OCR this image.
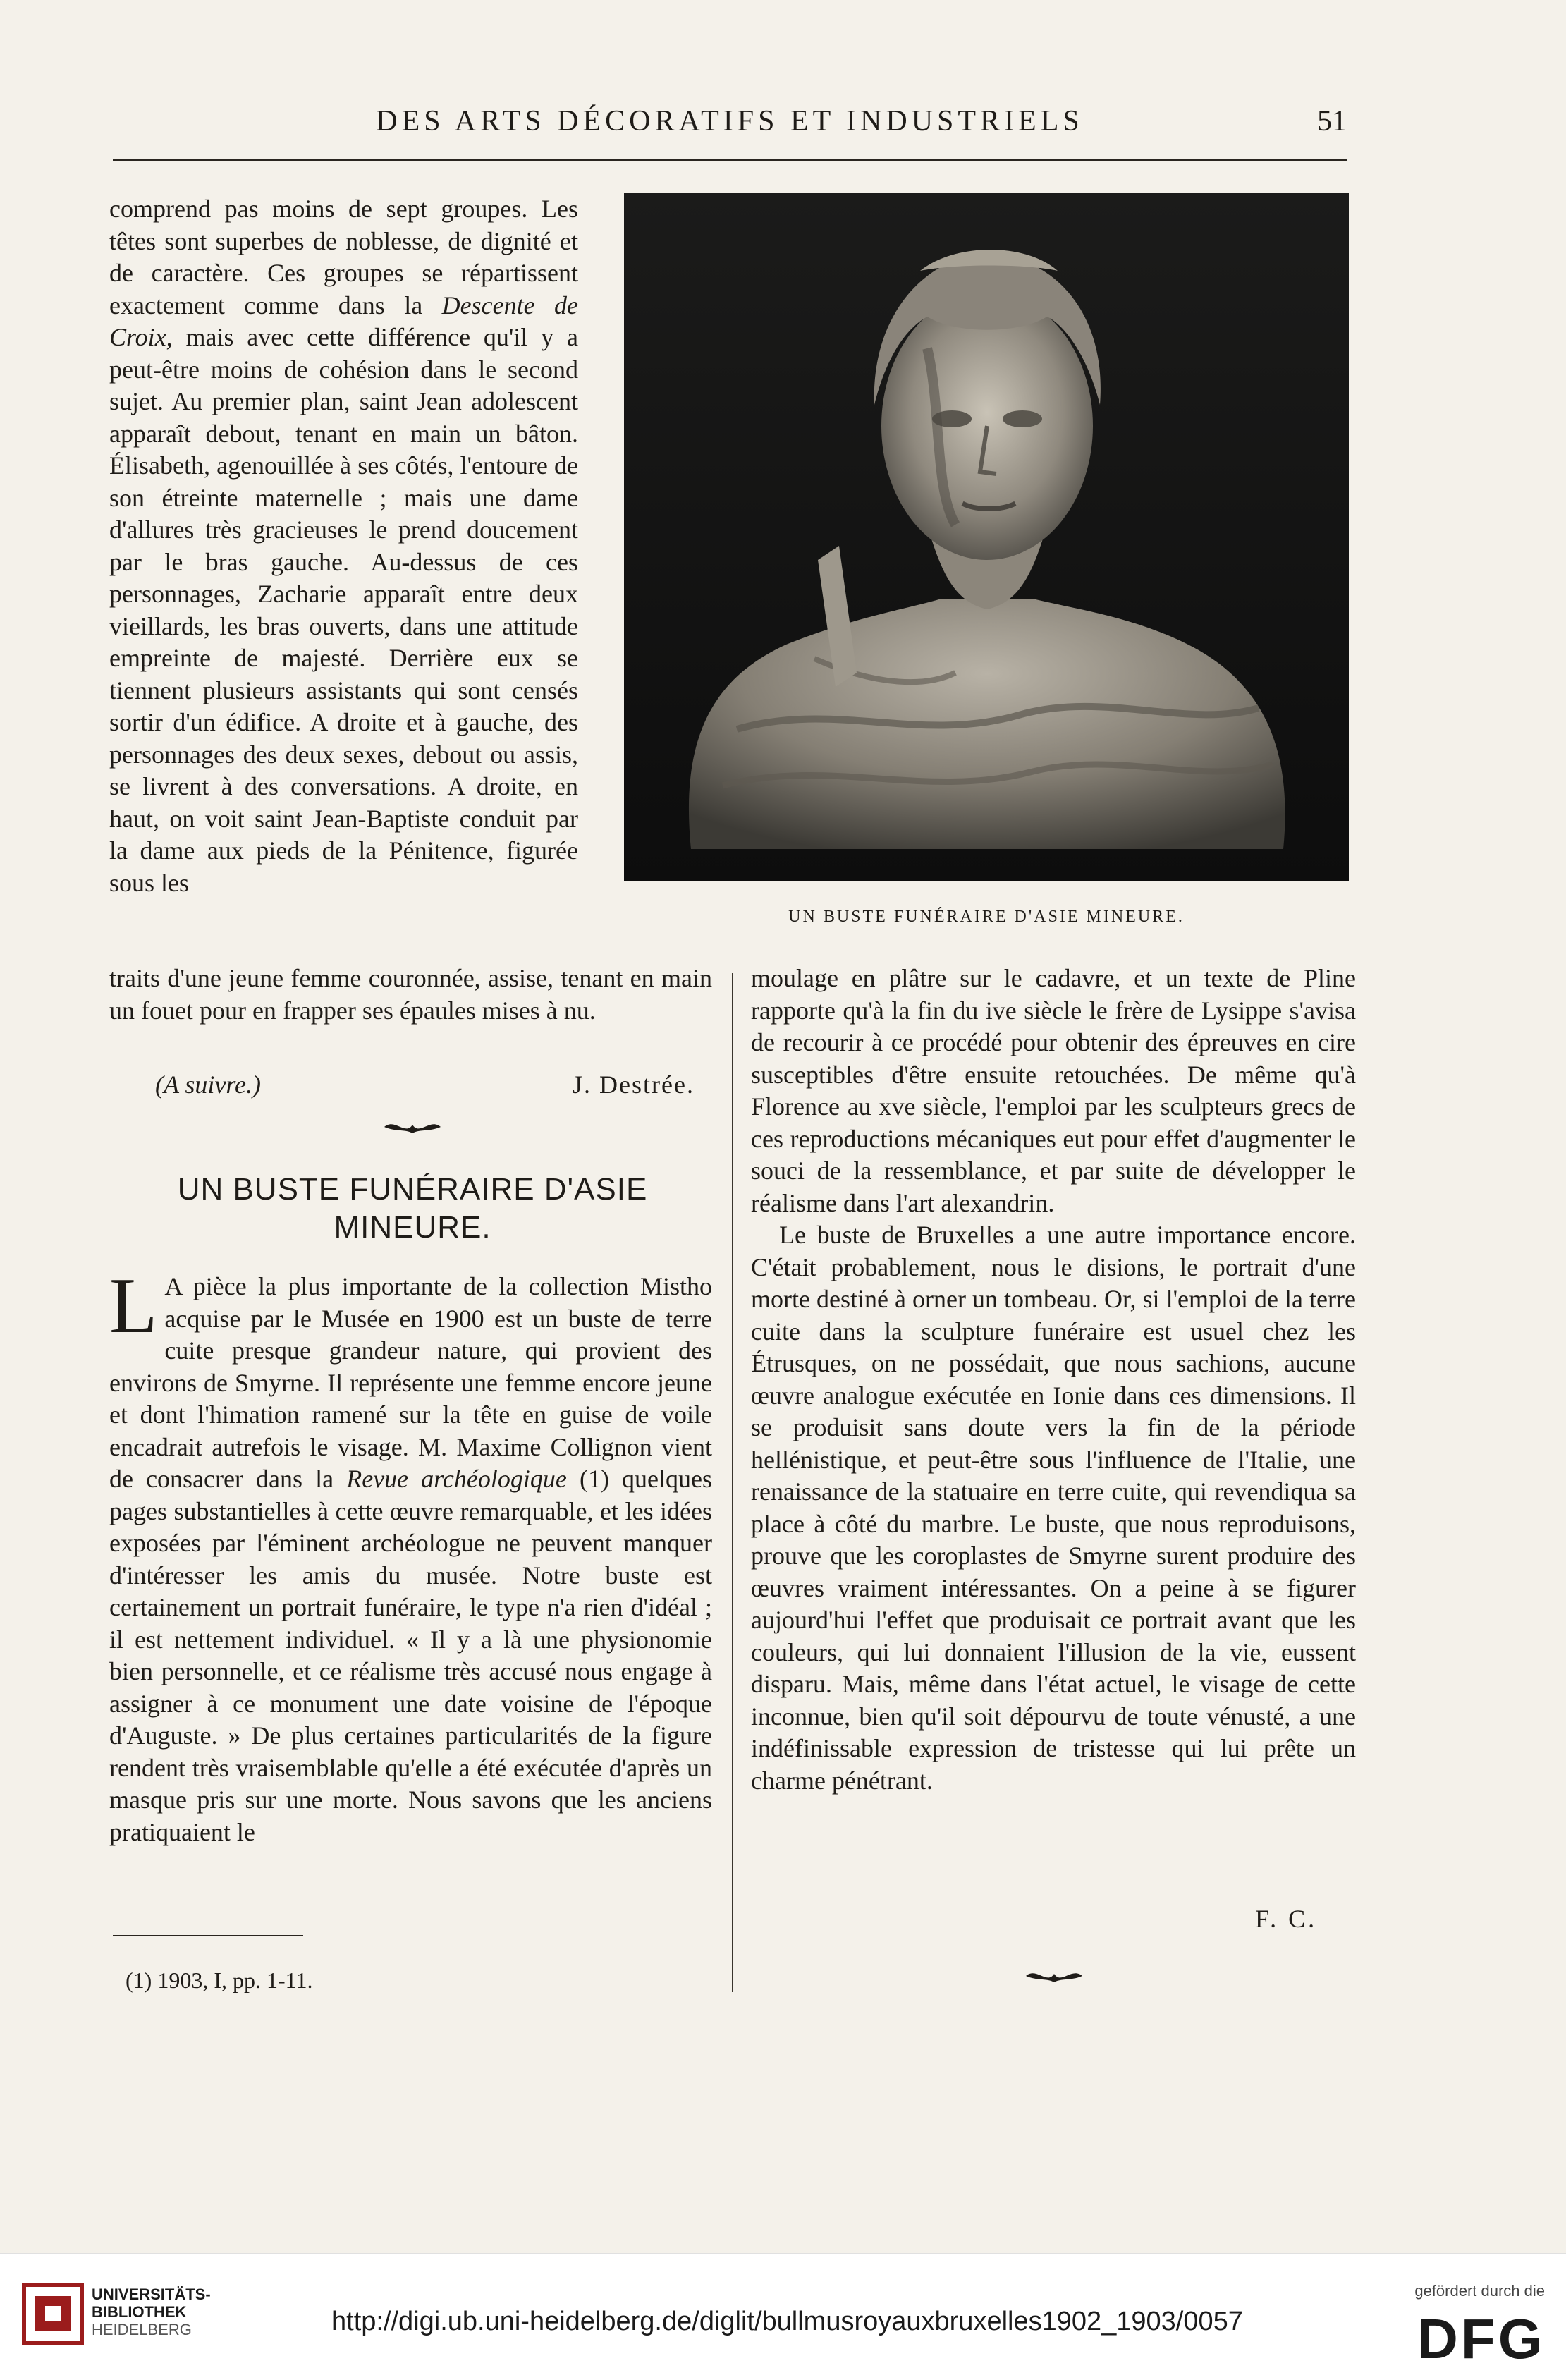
DES ARTS DÉCORATIFS ET INDUSTRIELS	51

comprend pas moins de sept groupes. Les têtes sont superbes de noblesse, de dignité et de caractère. Ces groupes se répartissent exactement comme dans la Descente de Croix, mais avec cette différence qu'il y a peut-être moins de cohésion dans le second sujet. Au premier plan, saint Jean adolescent apparaît debout, tenant en main un bâton. Élisabeth, agenouillée à ses côtés, l'entoure de son étreinte maternelle ; mais une dame d'allures très gracieuses le prend doucement par le bras gauche. Au-dessus de ces personnages, Zacharie apparaît entre deux vieillards, les bras ouverts, dans une attitude empreinte de majesté. Derrière eux se tiennent plusieurs assistants qui sont censés sortir d'un édifice. A droite et à gauche, des personnages des deux sexes, debout ou assis, se livrent à des conversations. A droite, en haut, on voit saint Jean-Baptiste conduit par la dame aux pieds de la Pénitence, figurée sous les

UN BUSTE FUNÉRAIRE D'ASIE MINEURE.

traits d'une jeune femme couronnée, assise, tenant en main un fouet pour en frapper ses épaules mises à nu.

(A suivre.)	J. Destrée.
UN BUSTE FUNÉRAIRE D'ASIE MINEURE.

L A pièce la plus importante de la collection Mistho acquise par le Musée en 1900 est un buste de terre cuite presque grandeur nature, qui provient des environs de Smyrne. Il représente une femme encore jeune et dont l'himation ramené sur la tête en guise de voile encadrait autrefois le visage. M. Maxime Collignon vient de consacrer dans la Revue archéologique (1) quelques pages substantielles à cette œuvre remarquable, et les idées exposées par l'éminent archéologue ne peuvent manquer d'intéresser les amis du musée. Notre buste est certainement un portrait funéraire, le type n'a rien d'idéal ; il est nettement individuel. « Il y a là une physionomie bien personnelle, et ce réalisme très accusé nous engage à assigner à ce monument une date voisine de l'époque d'Auguste. » De plus certaines particularités de la figure rendent très vraisemblable qu'elle a été exécutée d'après un masque pris sur une morte. Nous savons que les anciens pratiquaient le

moulage en plâtre sur le cadavre, et un texte de Pline rapporte qu'à la fin du ive siècle le frère de Lysippe s'avisa de recourir à ce procédé pour obtenir des épreuves en cire susceptibles d'être ensuite retouchées. De même qu'à Florence au xve siècle, l'emploi par les sculpteurs grecs de ces reproductions mécaniques eut pour effet d'augmenter le souci de la ressemblance, et par suite de développer le réalisme dans l'art alexandrin.

Le buste de Bruxelles a une autre importance encore. C'était probablement, nous le disions, le portrait d'une morte destiné à orner un tombeau. Or, si l'emploi de la terre cuite dans la sculpture funéraire est usuel chez les Étrusques, on ne possédait, que nous sachions, aucune œuvre analogue exécutée en Ionie dans ces dimensions. Il se produisit sans doute vers la fin de la période hellénistique, et peut-être sous l'influence de l'Italie, une renaissance de la statuaire en terre cuite, qui revendiqua sa place à côté du marbre. Le buste, que nous reproduisons, prouve que les coroplastes de Smyrne surent produire des œuvres vraiment intéressantes. On a peine à se figurer aujourd'hui l'effet que produisait ce portrait avant que les couleurs, qui lui donnaient l'illusion de la vie, eussent disparu. Mais, même dans l'état actuel, le visage de cette inconnue, bien qu'il soit dépourvu de toute vénusté, a une indéfinissable expression de tristesse qui lui prête un charme pénétrant.

F. C.
(1) 1903, I, pp. 1-11.
UNIVERSITÄTS-
BIBLIOTHEK
HEIDELBERG	http://digi.ub.uni-heidelberg.de/diglit/bullmusroyauxbruxelles1902_1903/0057
gefördert durch die
DFG
